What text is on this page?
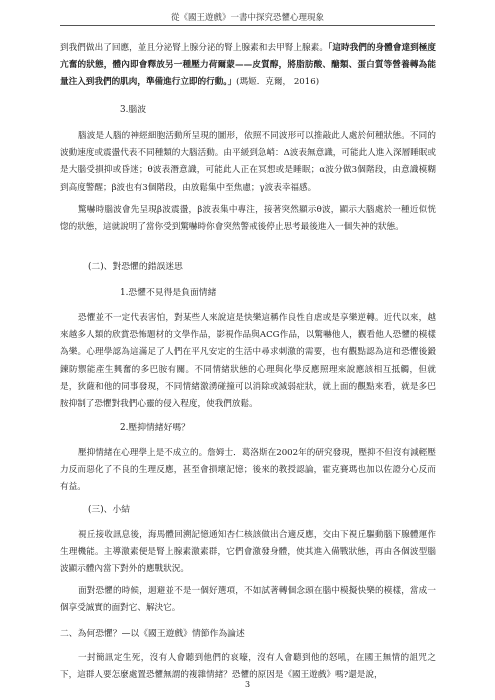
從《國王遊戲》一書中探究恐懼心理現象

到我們做出了回應，並且分泌腎上腺分泌的腎上腺素和去甲腎上腺素。「這時我們的身體會達到極度亢奮的狀態，體內即會釋放另一種壓力荷爾蒙——皮質醇，將脂肪酸、醣類、蛋白質等營養轉為能量注入到我們的肌肉，準備進行立即的行動。」(瑪姬．克爾， 2016)

3.腦波

腦波是人腦的神經細胞活動所呈現的圖形，依照不同波形可以推敲此人處於何種狀態。不同的波動速度或震盪代表不同種類的大腦活動。由平緩到急峭：Δ波表無意識，可能此人進入深層睡眠或是大腦受損抑或昏迷；θ波表潛意識，可能此人正在冥想或是睡眠；α波分做3個階段，由意識模糊到高度警醒；β波也有3個階段，由放鬆集中至焦慮；γ波表幸福感。

驚嚇時腦波會先呈現β波震盪，β波表集中專注，接著突然顯示θ波，顯示大腦處於一種近似恍惚的狀態，這就說明了當你受到驚嚇時你會突然警戒後停止思考最後進入一個失神的狀態。

(二)、對恐懼的錯誤迷思
1.恐懼不見得是負面情緒

恐懼並不一定代表害怕，對某些人來說這是快樂這稱作良性自虐或是享樂逆轉。近代以來，越來越多人類的欣賞恐怖題材的文學作品，影視作品與ACG作品，以驚嚇他人，觀看他人恐懼的模樣為樂。心理學認為這滿足了人們在平凡安定的生活中尋求刺激的需要，也有觀點認為這和恐懼後鍛鍊防禦能產生興奮的多巴胺有關。不同情緒狀態的心理與化學反應照理來說應該相互抵觸，但就是，狄薩和他的同事發現，不同情緒激湧碰撞可以消除或減弱症狀，就上面的觀點來看，就是多巴胺抑制了恐懼對我們心靈的侵入程度，使我們放鬆。

2.壓抑情緒好嗎？

壓抑情緒在心理學上是不成立的。詹姆士．葛洛斯在2002年的研究發現，壓抑不但沒有減輕壓力反而惡化了不良的生理反應，甚至會損壞記憶；後來的教授認論，霍克賽瑪也加以佐證分心反而有益。

(三)、小結

視丘接收訊息後，海馬體回溯記憶通知杏仁核該做出合適反應，交由下視丘驅動腦下腺體運作生理機能。主導激素便是腎上腺素激素群，它們會激發身體，使其進入備戰狀態，再由各個波型腦波顯示體內當下對外的應戰狀況。

面對恐懼的時候，迴避並不是一個好選項，不如試著轉個念頭在腦中模擬快樂的模樣，當成一個享受誠實的面對它、解決它。

二、為何恐懼？—以《國王遊戲》情節作為論述

一封簡訊定生死，沒有人會聽到他們的哀嚎，沒有人會聽到他的怒吼，在國王無情的詛咒之下，這群人要怎麼處置恐懼無謂的複雜情緒？恐懼的原因是《國王遊戲》嗎?還是說，

3
